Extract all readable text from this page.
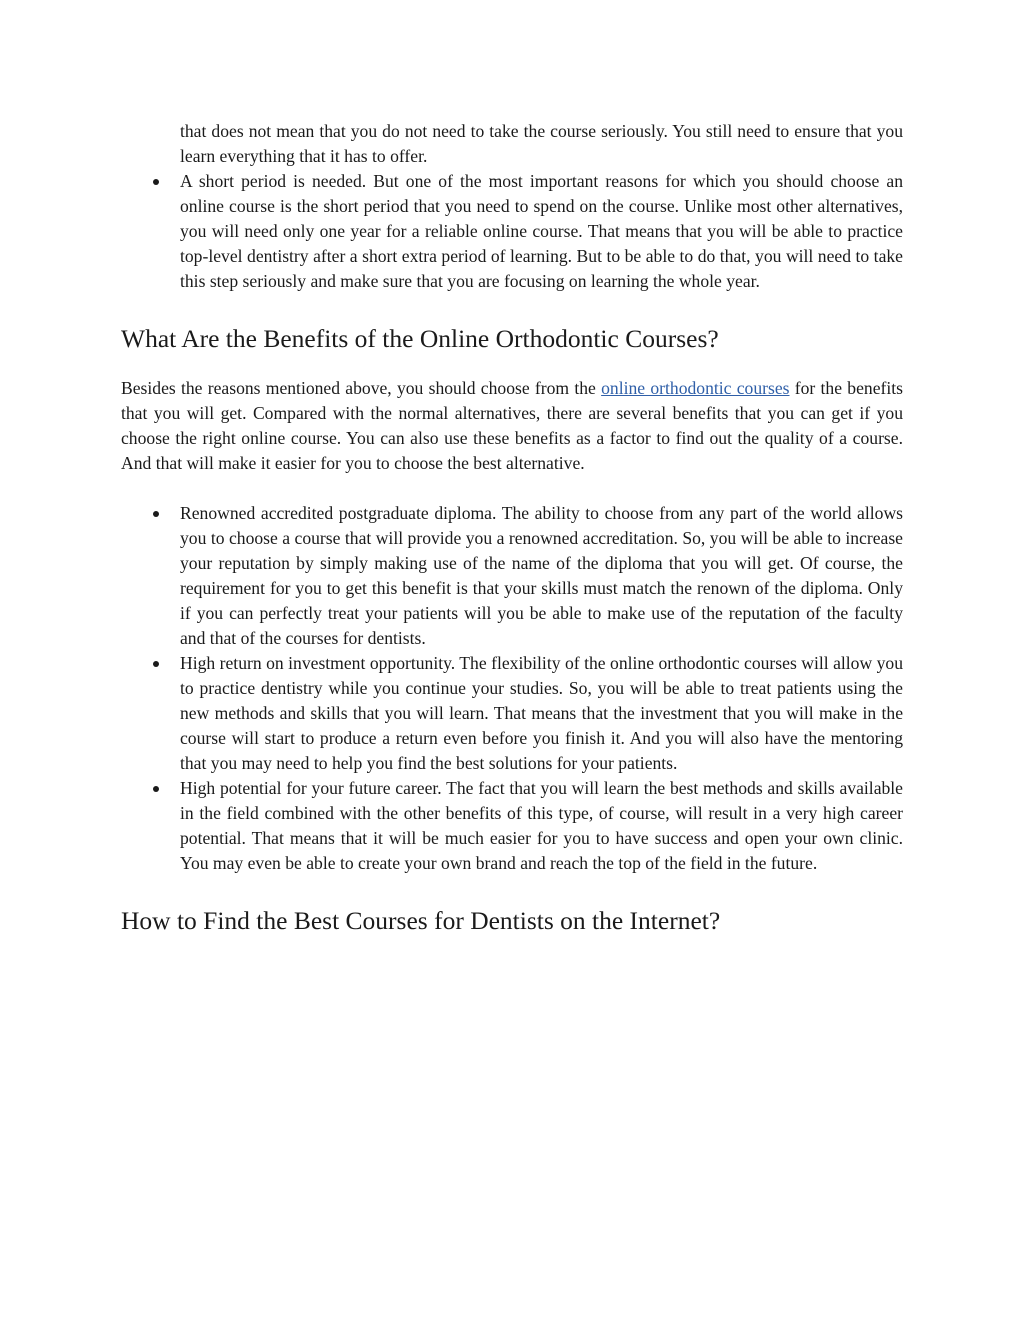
that does not mean that you do not need to take the course seriously. You still need to ensure that you learn everything that it has to offer.

A short period is needed. But one of the most important reasons for which you should choose an online course is the short period that you need to spend on the course. Unlike most other alternatives, you will need only one year for a reliable online course. That means that you will be able to practice top-level dentistry after a short extra period of learning. But to be able to do that, you will need to take this step seriously and make sure that you are focusing on learning the whole year.
What Are the Benefits of the Online Orthodontic Courses?

Besides the reasons mentioned above, you should choose from the online orthodontic courses for the benefits that you will get. Compared with the normal alternatives, there are several benefits that you can get if you choose the right online course. You can also use these benefits as a factor to find out the quality of a course. And that will make it easier for you to choose the best alternative.

Renowned accredited postgraduate diploma. The ability to choose from any part of the world allows you to choose a course that will provide you a renowned accreditation. So, you will be able to increase your reputation by simply making use of the name of the diploma that you will get. Of course, the requirement for you to get this benefit is that your skills must match the renown of the diploma. Only if you can perfectly treat your patients will you be able to make use of the reputation of the faculty and that of the courses for dentists.
High return on investment opportunity. The flexibility of the online orthodontic courses will allow you to practice dentistry while you continue your studies. So, you will be able to treat patients using the new methods and skills that you will learn. That means that the investment that you will make in the course will start to produce a return even before you finish it. And you will also have the mentoring that you may need to help you find the best solutions for your patients.
High potential for your future career. The fact that you will learn the best methods and skills available in the field combined with the other benefits of this type, of course, will result in a very high career potential. That means that it will be much easier for you to have success and open your own clinic. You may even be able to create your own brand and reach the top of the field in the future.
How to Find the Best Courses for Dentists on the Internet?
